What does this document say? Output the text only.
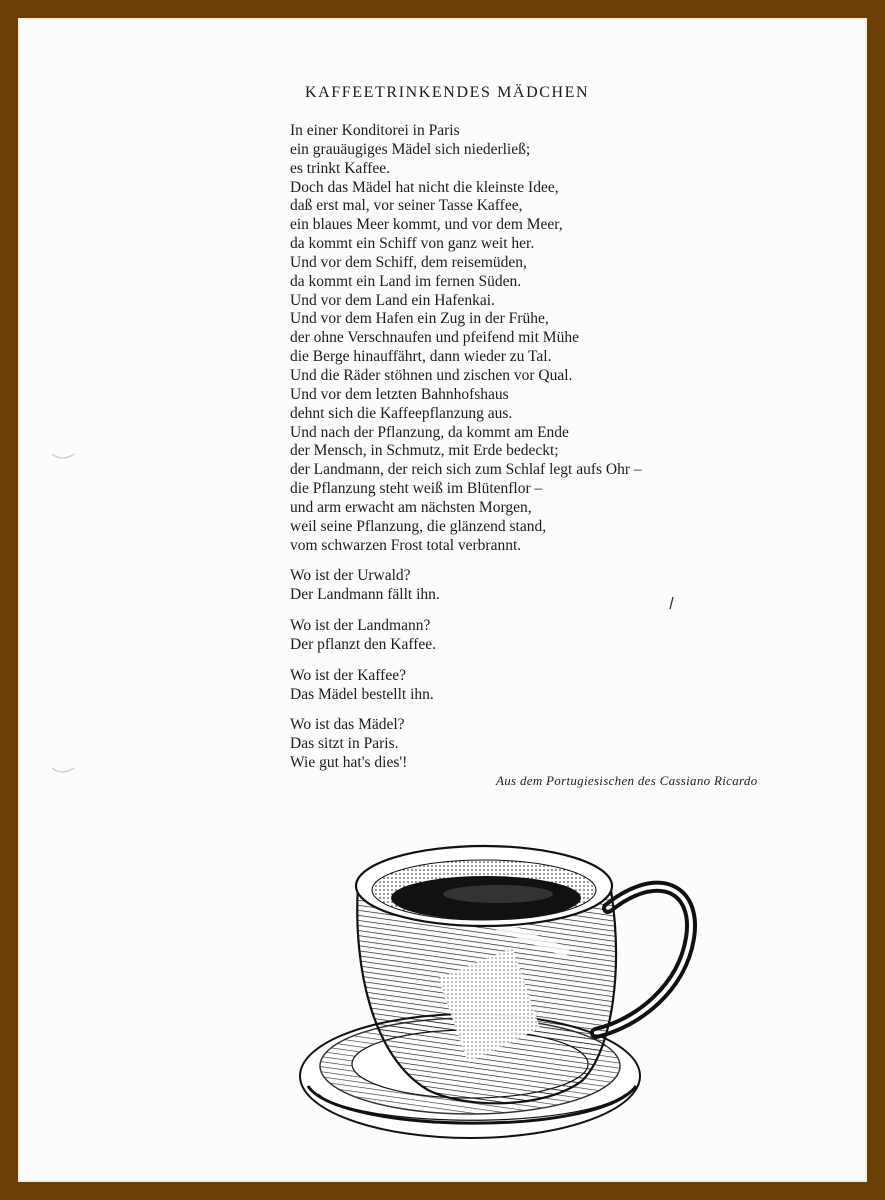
KAFFEETRINKENDES MÄDCHEN

In einer Konditorei in Paris
ein grauäugiges Mädel sich niederließ;
es trinkt Kaffee.
Doch das Mädel hat nicht die kleinste Idee,
daß erst mal, vor seiner Tasse Kaffee,
ein blaues Meer kommt, und vor dem Meer,
da kommt ein Schiff von ganz weit her.
Und vor dem Schiff, dem reisemüden,
da kommt ein Land im fernen Süden.
Und vor dem Land ein Hafenkai.
Und vor dem Hafen ein Zug in der Frühe,
der ohne Verschnaufen und pfeifend mit Mühe
die Berge hinauffährt, dann wieder zu Tal.
Und die Räder stöhnen und zischen vor Qual.
Und vor dem letzten Bahnhofshaus
dehnt sich die Kaffeepflanzung aus.
Und nach der Pflanzung, da kommt am Ende
der Mensch, in Schmutz, mit Erde bedeckt;
der Landmann, der reich sich zum Schlaf legt aufs Ohr –
die Pflanzung steht weiß im Blütenflor –
und arm erwacht am nächsten Morgen,
weil seine Pflanzung, die glänzend stand,
vom schwarzen Frost total verbrannt.

Wo ist der Urwald?
Der Landmann fällt ihn.

Wo ist der Landmann?
Der pflanzt den Kaffee.

Wo ist der Kaffee?
Das Mädel bestellt ihn.

Wo ist das Mädel?
Das sitzt in Paris.
Wie gut hat's dies'!

Aus dem Portugiesischen des Cassiano Ricardo
